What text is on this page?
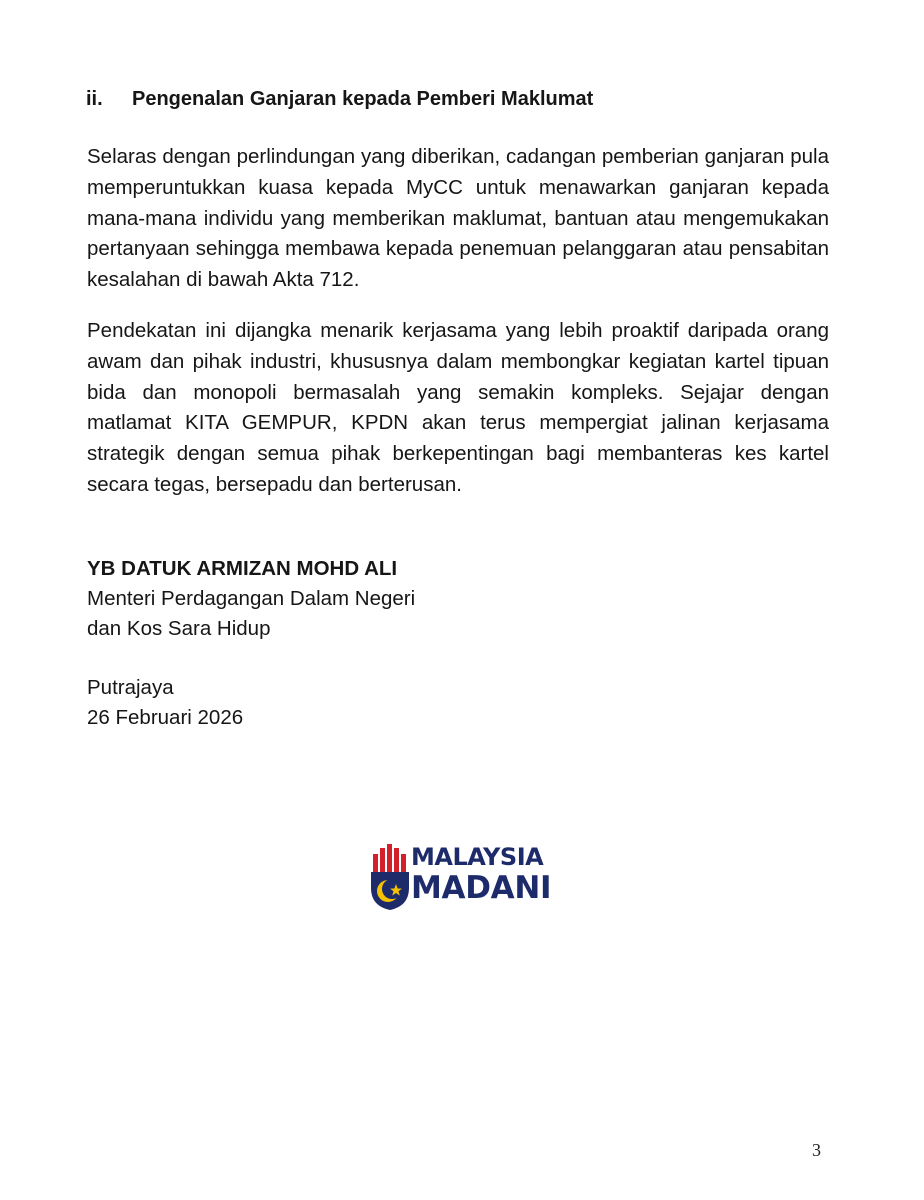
ii.	Pengenalan Ganjaran kepada Pemberi Maklumat

Selaras dengan perlindungan yang diberikan, cadangan pemberian ganjaran pula memperuntukkan kuasa kepada MyCC untuk menawarkan ganjaran kepada mana-mana individu yang memberikan maklumat, bantuan atau mengemukakan pertanyaan sehingga membawa kepada penemuan pelanggaran atau pensabitan kesalahan di bawah Akta 712.

Pendekatan ini dijangka menarik kerjasama yang lebih proaktif daripada orang awam dan pihak industri, khususnya dalam membongkar kegiatan kartel tipuan bida dan monopoli bermasalah yang semakin kompleks. Sejajar dengan matlamat KITA GEMPUR, KPDN akan terus mempergiat jalinan kerjasama strategik dengan semua pihak berkepentingan bagi membanteras kes kartel secara tegas, bersepadu dan berterusan.

YB DATUK ARMIZAN MOHD ALI
Menteri Perdagangan Dalam Negeri
dan Kos Sara Hidup
Putrajaya
26 Februari 2026
MALAYSIA
MADANI
3
